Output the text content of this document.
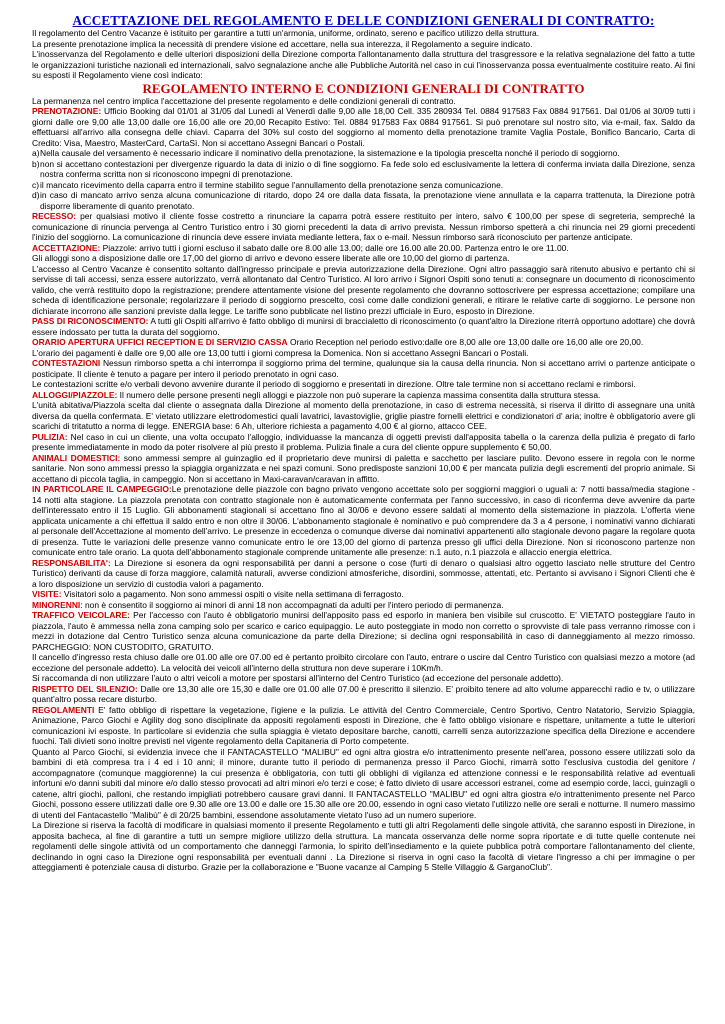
ACCETTAZIONE DEL REGOLAMENTO E DELLE CONDIZIONI GENERALI DI CONTRATTO:

Il regolamento del Centro Vacanze è istituito per garantire a tutti un'armonia, uniforme, ordinato, sereno e pacifico utilizzo della struttura.

La presente prenotazione implica la necessità di prendere visione ed accettare, nella sua interezza, il Regolamento a seguire indicato.

L'inosservanza del Regolamento e delle ulteriori disposizioni della Direzione comporta l'allontanamento dalla struttura del trasgressore e la relativa segnalazione del fatto a tutte le organizzazioni turistiche nazionali ed internazionali, salvo segnalazione anche alle Pubbliche Autorità nel caso in cui l'inosservanza possa eventualmente costituire reato. Ai fini su esposti il Regolamento viene così indicato:

REGOLAMENTO INTERNO E CONDIZIONI GENERALI DI CONTRATTO

La permanenza nel centro implica l'accettazione del presente regolamento e delle condizioni generali di contratto.

PRENOTAZIONE: Ufficio Booking dal 01/01 al 31/05 dal Lunedì al Venerdì dalle 9,00 alle 18,00 Cell. 335 280934 Tel. 0884 917583 Fax 0884 917561. Dal 01/06 al 30/09 tutti i giorni dalle ore 9,00 alle 13,00 dalle ore 16,00 alle ore 20,00 Recapito Estivo: Tel. 0884 917583 Fax 0884 917561. Si può prenotare sul nostro sito, via e-mail, fax. Saldo da effettuarsi all'arrivo alla consegna delle chiavi. Caparra del 30% sul costo del soggiorno al momento della prenotazione tramite Vaglia Postale, Bonifico Bancario, Carta di Credito: Visa, Maestro, MasterCard, CartaSì. Non si accettano Assegni Bancari o Postali.

a) Nella causale del versamento è necessario indicare il nominativo della prenotazione, la sistemazione e la tipologia prescelta nonché il periodo di soggiorno.
b) non si accettano contestazioni per divergenze riguardo la data di inizio o di fine soggiorno. Fa fede solo ed esclusivamente la lettera di conferma inviata dalla Direzione, senza nostra conferma scritta non si riconoscono impegni di prenotazione.
c) il mancato ricevimento della caparra entro il termine stabilito segue l'annullamento della prenotazione senza comunicazione.
d) in caso di mancato arrivo senza alcuna comunicazione di ritardo, dopo 24 ore dalla data fissata, la prenotazione viene annullata e la caparra trattenuta, la Direzione potrà disporre liberamente di quanto prenotato.

RECESSO: per qualsiasi motivo il cliente fosse costretto a rinunciare la caparra potrà essere restituito per intero, salvo € 100,00 per spese di segreteria, sempreché la comunicazione di rinuncia pervenga al Centro Turistico entro i 30 giorni precedenti la data di arrivo prevista. Nessun rimborso spetterà a chi rinuncia nei 29 giorni precedenti l'inizio del soggiorno. La comunicazione di rinuncia deve essere inviata mediante lettera, fax o e-mail. Nessun rimborso sarà riconosciuto per partenze anticipate.

ACCETTAZIONE: Piazzole: arrivo tutti i giorni escluso il sabato dalle ore 8.00 alle 13.00; dalle ore 16.00 alle 20.00. Partenza entro le ore 11.00.

Gli alloggi sono a disposizione dalle ore 17,00 del giorno di arrivo e devono essere liberate alle ore 10,00 del giorno di partenza.

L'accesso al Centro Vacanze è consentito soltanto dall'ingresso principale e previa autorizzazione della Direzione. Ogni altro passaggio sarà ritenuto abusivo e pertanto chi si servisse di tali accessi, senza essere autorizzato, verrà allontanato dal Centro Turistico. Al loro arrivo i Signori Ospiti sono tenuti a: consegnare un documento di riconoscimento valido, che verrà restituito dopo la registrazione; prendere attentamente visione del presente regolamento che dovranno sottoscrivere per espressa accettazione; compilare una scheda di identificazione personale; regolarizzare il periodo di soggiorno prescelto, così come dalle condizioni generali, e ritirare le relative carte di soggiorno. Le persone non dichiarate incorrono alle sanzioni previste dalla legge. Le tariffe sono pubblicate nel listino prezzi ufficiale in Euro, esposto in Direzione.

PASS DI RICONOSCIMENTO: A tutti gli Ospiti all'arrivo è fatto obbligo di munirsi di braccialetto di riconoscimento (o quant'altro la Direzione riterrà opportuno adottare) che dovrà essere indossato per tutta la durata del soggiorno.

ORARIO APERTURA UFFICI RECEPTION E DI SERVIZIO CASSA Orario Reception nel periodo estivo:dalle ore 8,00 alle ore 13,00 dalle ore 16,00 alle ore 20,00.

L'orario dei pagamenti è dalle ore 9,00 alle ore 13,00 tutti i giorni compresa la Domenica. Non si accettano Assegni Bancari o Postali.

CONTESTAZIONI Nessun rimborso spetta a chi interrompa il soggiorno prima del termine, qualunque sia la causa della rinuncia. Non si accettano arrivi o partenze anticipate o posticipate. Il cliente è tenuto a pagare per intero il periodo prenotato in ogni caso.

Le contestazioni scritte e/o verbali devono avvenire durante il periodo di soggiorno e presentati in direzione. Oltre tale termine non si accettano reclami e rimborsi.

ALLOGGI/PIAZZOLE: Il numero delle persone presenti negli alloggi e piazzole non può superare la capienza massima consentita dalla struttura stessa.

L'unità abitativa/Piazzola scelta dal cliente o assegnata dalla Direzione al momento della prenotazione, in caso di estrema necessità, si riserva il diritto di assegnare una unità diversa da quella confermata. E' vietato utilizzare elettrodomestici quali lavatrici, lavastoviglie, griglie piastre fornelli elettrici e condizionatori d' aria; inoltre è obbligatorio avere gli scarichi di tritatutto a norma di legge. ENERGIA base: 6 Ah, ulteriore richiesta a pagamento 4,00 € al giorno, attacco CEE.

PULIZIA: Nel caso in cui un cliente, una volta occupato l'alloggio, individuasse la mancanza di oggetti previsti dall'apposita tabella o la carenza della pulizia è pregato di farlo presente immediatamente in modo da poter risolvere al più presto il problema. Pulizia finale a cura del cliente oppure supplemento € 50,00.

ANIMALI DOMESTICI: sono ammessi sempre al guinzaglio ed il proprietario deve munirsi di paletta e sacchetto per lasciare pulito. Devono essere in regola con le norme sanitarie. Non sono ammessi presso la spiaggia organizzata e nei spazi comuni. Sono predisposte sanzioni 10,00 € per mancata pulizia degli escrementi del proprio animale. Si accettano di piccola taglia, in campeggio. Non si accettano in Maxi-caravan/caravan in affitto.

IN PARTICOLARE IL CAMPEGGIO:Le prenotazione delle piazzole con bagno privato vengono accettate solo per soggiorni maggiori o uguali a: 7 notti bassa/media stagione - 14 notti alta stagione. La piazzola prenotata con contratto stagionale non è automaticamente confermata per l'anno successivo, in caso di riconferma deve avvenire da parte dell'interessato entro il 15 Luglio. Gli abbonamenti stagionali si accettano fino al 30/06 e devono essere saldati al momento della sistemazione in piazzola. L'offerta viene applicata unicamente a chi effettua il saldo entro e non oltre il 30/06. L'abbonamento stagionale è nominativo e può comprendere da 3 a 4 persone, i nominativi vanno dichiarati al personale dell'Accettazione al momento dell'arrivo. Le presenze in eccedenza o comunque diverse dai nominativi appartenenti allo stagionale devono pagare la regolare quota di presenza. Tutte le variazioni delle presenze vanno comunicate entro le ore 13,00 del giorno di partenza presso gli uffici della Direzione. Non si riconoscono partenze non comunicate entro tale orario. La quota dell'abbonamento stagionale comprende unitamente alle presenze: n.1 auto, n.1 piazzola e allaccio energia elettrica.

RESPONSABILITA': La Direzione si esonera da ogni responsabilità per danni a persone o cose (furti di denaro o qualsiasi altro oggetto lasciato nelle strutture del Centro Turistico) derivanti da cause di forza maggiore, calamità naturali, avverse condizioni atmosferiche, disordini, sommosse, attentati, etc. Pertanto si avvisano i Signori Clienti che è a loro disposizione un servizio di custodia valori a pagamento.

VISITE: Visitatori solo a pagamento. Non sono ammessi ospiti o visite nella settimana di ferragosto.

MINORENNI: non è consentito il soggiorno ai minori di anni 18 non accompagnati da adulti per l'intero periodo di permanenza.

TRAFFICO VEICOLARE: Per l'accesso con l'auto è obbligatorio munirsi dell'apposito pass ed esporlo in maniera ben visibile sul cruscotto. E' VIETATO posteggiare l'auto in piazzola, l'auto è ammessa nella zona camping solo per scarico e carico equipaggio. Le auto posteggiate in modo non corretto o sprovviste di tale pass verranno rimosse con i mezzi in dotazione dal Centro Turistico senza alcuna comunicazione da parte della Direzione; si declina ogni responsabilità in caso di danneggiamento al mezzo rimosso. PARCHEGGIO: NON CUSTODITO, GRATUITO.

Il cancello d'ingresso resta chiuso dalle ore 01.00 alle ore 07.00 ed è pertanto proibito circolare con l'auto, entrare o uscire dal Centro Turistico con qualsiasi mezzo a motore (ad eccezione del personale addetto). La velocità dei veicoli all'interno della struttura non deve superare i 10Km/h.

Si raccomanda di non utilizzare l'auto o altri veicoli a motore per spostarsi all'interno del Centro Turistico (ad eccezione del personale addetto).

RISPETTO DEL SILENZIO: Dalle ore 13,30 alle ore 15,30 e dalle ore 01.00 alle 07.00 è prescritto il silenzio. E' proibito tenere ad alto volume apparecchi radio e tv, o utilizzare quant'altro possa recare disturbo.

REGOLAMENTI E' fatto obbligo di rispettare la vegetazione, l'igiene e la pulizia. Le attività del Centro Commerciale, Centro Sportivo, Centro Natatorio, Servizio Spiaggia, Animazione, Parco Giochi e Agility dog sono disciplinate da appositi regolamenti esposti in Direzione, che è fatto obbligo visionare e rispettare, unitamente a tutte le ulteriori comunicazioni ivi esposte. In particolare si evidenzia che sulla spiaggia è vietato depositare barche, canotti, carrelli senza autorizzazione specifica della Direzione e accendere fuochi. Tali divieti sono inoltre previsti nel vigente regolamento della Capitaneria di Porto competente.

Quanto al Parco Giochi, si evidenzia invece che il FANTACASTELLO "MALIBU" ed ogni altra giostra e/o intrattenimento presente nell'area, possono essere utilizzati solo da bambini di età compresa tra i 4 ed i 10 anni; il minore, durante tutto il periodo di permanenza presso il Parco Giochi, rimarrà sotto l'esclusiva custodia del genitore / accompagnatore (comunque maggiorenne) la cui presenza è obbligatoria, con tutti gli obblighi di vigilanza ed attenzione connessi e le responsabilità relative ad eventuali infortuni e/o danni subiti dal minore e/o dallo stesso provocati ad altri minori e/o terzi e cose; è fatto divieto di usare accessori estranei, come ad esempio corde, lacci, guinzagli o catene, altri giochi, palloni, che restando impigliati potrebbero causare gravi danni. Il FANTACASTELLO "MALIBU" ed ogni altra giostra e/o intrattenimento presente nel Parco Giochi, possono essere utilizzati dalle ore 9.30 alle ore 13.00 e dalle ore 15.30 alle ore 20.00, essendo in ogni caso vietato l'utilizzo nelle ore serali e notturne. Il numero massimo di utenti del Fantacastello "Malibù" è di 20/25 bambini, essendone assolutamente vietato l'uso ad un numero superiore.

La Direzione si riserva la facoltà di modificare in qualsiasi momento il presente Regolamento e tutti gli altri Regolamenti delle singole attività, che saranno esposti in Direzione, in apposita bacheca, al fine di garantire a tutti un sempre migliore utilizzo della struttura. La mancata osservanza delle norme sopra riportate e di tutte quelle contenute nei regolamenti delle singole attività od un comportamento che danneggi l'armonia, lo spirito dell'insediamento e la quiete pubblica potrà comportare l'allontanamento del cliente, declinando in ogni caso la Direzione ogni responsabilità per eventuali danni . La Direzione si riserva in ogni caso la facoltà di vietare l'ingresso a chi per immagine o per atteggiamenti è potenziale causa di disturbo. Grazie per la collaborazione e "Buone vacanze al Camping 5 Stelle Villaggio & GarganoClub".
